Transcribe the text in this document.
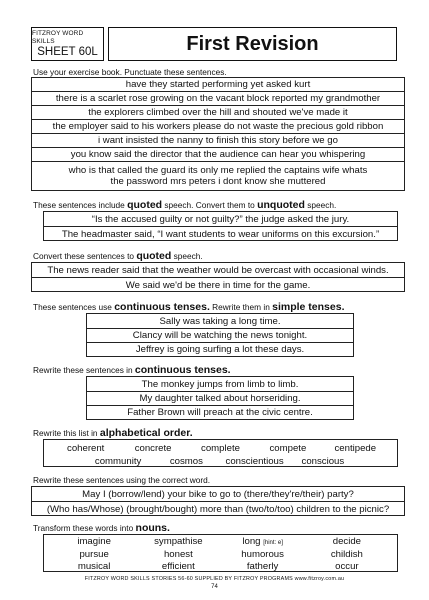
FITZROY WORD SKILLS
SHEET 60L	First Revision
Use your exercise book. Punctuate these sentences.
have they started performing yet asked kurt
there is a scarlet rose growing on the vacant block reported my grandmother
the explorers climbed over the hill and shouted we've made it
the employer said to his workers please do not waste the precious gold ribbon
i want insisted the nanny to finish this story before we go
you know said the director that the audience can hear you whispering
who is that called the guard its only me replied the captains wife whats the password mrs peters i dont know she muttered
These sentences include quoted speech. Convert them to unquoted speech.
“Is the accused guilty or not guilty?” the judge asked the jury.
The headmaster said, “I want students to wear uniforms on this excursion.”
Convert these sentences to quoted speech.
The news reader said that the weather would be overcast with occasional winds.
We said we'd be there in time for the game.
These sentences use continuous tenses. Rewrite them in simple tenses.
Sally was taking a long time.
Clancy will be watching the news tonight.
Jeffrey is going surfing a lot these days.
Rewrite these sentences in continuous tenses.
The monkey jumps from limb to limb.
My daughter talked about horseriding.
Father Brown will preach at the civic centre.
Rewrite this list in alphabetical order.
coherent	concrete	complete	compete	centipede
community	cosmos	conscientious	conscious
Rewrite these sentences using the correct word.
May I (borrow/lend) your bike to go to (there/they're/their) party?
(Who has/Whose) (brought/bought) more than (two/to/too) children to the picnic?
Transform these words into nouns.
imagine	sympathise	long [hint: e]	decide
pursue	honest	humorous	childish
musical	efficient	fatherly	occur
FITZROY WORD SKILLS STORIES 56-60 SUPPLIED BY FITZROY PROGRAMS www.fitzroy.com.au
74
